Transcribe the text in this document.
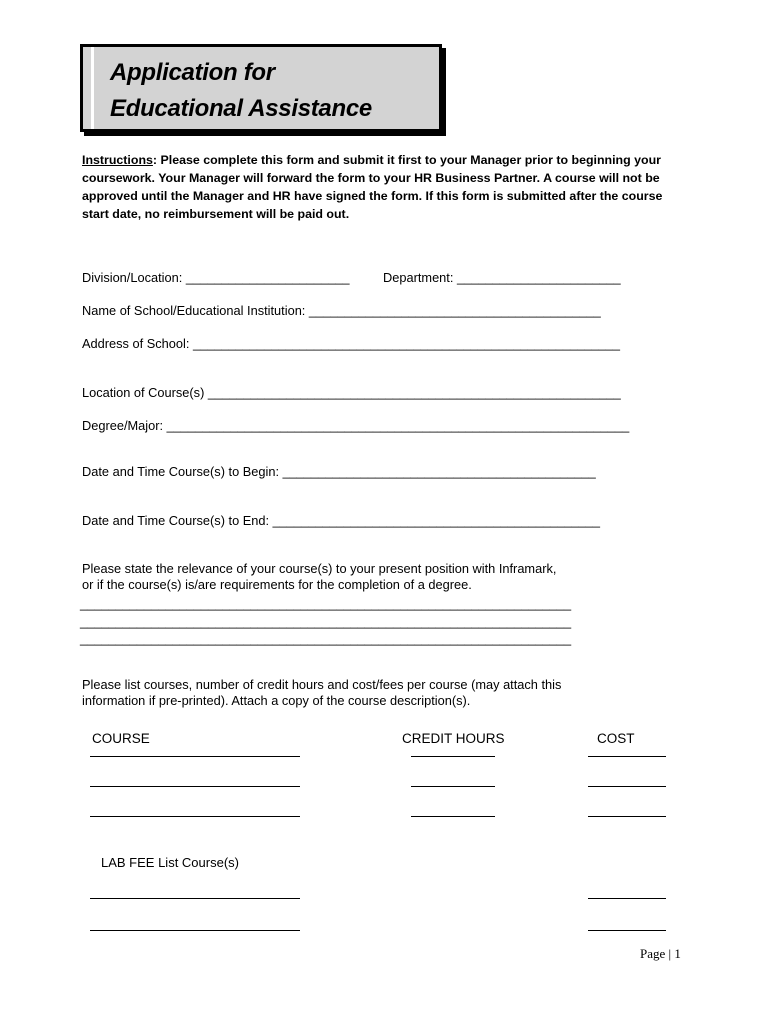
Application for
Educational Assistance
Instructions: Please complete this form and submit it first to your Manager prior to beginning your coursework. Your Manager will forward the form to your HR Business Partner. A course will not be approved until the Manager and HR have signed the form. If this form is submitted after the course start date, no reimbursement will be paid out.
Division/Location: _______________________	Department: _______________________
Name of School/Educational Institution: _________________________________________
Address of School: ____________________________________________________________
Location of Course(s) __________________________________________________________
Degree/Major: _________________________________________________________________
Date and Time Course(s) to Begin: ____________________________________________
Date and Time Course(s) to End: ______________________________________________
Please state the relevance of your course(s) to your present position with Inframark,
or if the course(s) is/are requirements for the completion of a degree.
_____________________________________________________________________
_____________________________________________________________________
_____________________________________________________________________
Please list courses, number of credit hours and cost/fees per course (may attach this
information if pre-printed). Attach a copy of the course description(s).
COURSE	CREDIT HOURS	COST
LAB FEE List Course(s)
Page | 1
